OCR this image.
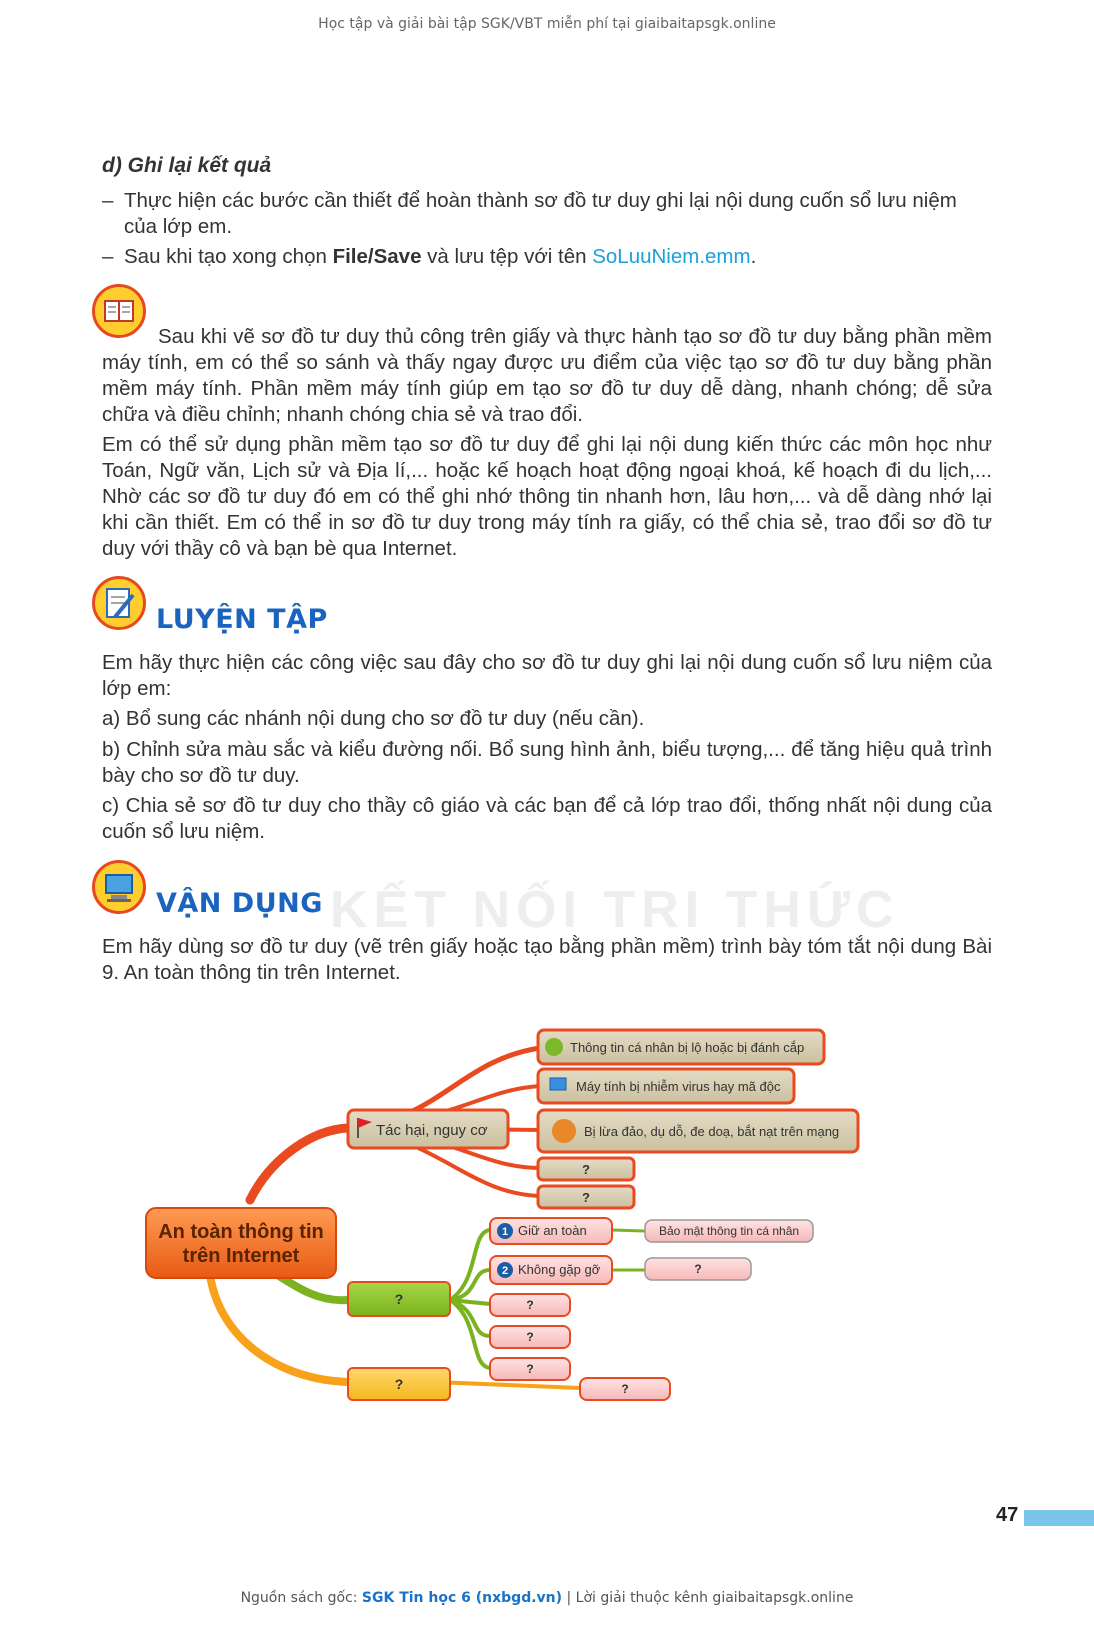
Học tập và giải bài tập SGK/VBT miễn phí tại giaibaitapsgk.online
KẾT NỐI TRI THỨC
d) Ghi lại kết quả
– Thực hiện các bước cần thiết để hoàn thành sơ đồ tư duy ghi lại nội dung cuốn sổ lưu niệm của lớp em.
– Sau khi tạo xong chọn File/Save và lưu tệp với tên SoLuuNiem.emm.
Sau khi vẽ sơ đồ tư duy thủ công trên giấy và thực hành tạo sơ đồ tư duy bằng phần mềm máy tính, em có thể so sánh và thấy ngay được ưu điểm của việc tạo sơ đồ tư duy bằng phần mềm máy tính. Phần mềm máy tính giúp em tạo sơ đồ tư duy dễ dàng, nhanh chóng; dễ sửa chữa và điều chỉnh; nhanh chóng chia sẻ và trao đổi.
Em có thể sử dụng phần mềm tạo sơ đồ tư duy để ghi lại nội dung kiến thức các môn học như Toán, Ngữ văn, Lịch sử và Địa lí,... hoặc kế hoạch hoạt động ngoại khoá, kế hoạch đi du lịch,... Nhờ các sơ đồ tư duy đó em có thể ghi nhớ thông tin nhanh hơn, lâu hơn,... và dễ dàng nhớ lại khi cần thiết. Em có thể in sơ đồ tư duy trong máy tính ra giấy, có thể chia sẻ, trao đổi sơ đồ tư duy với thầy cô và bạn bè qua Internet.
LUYỆN TẬP
Em hãy thực hiện các công việc sau đây cho sơ đồ tư duy ghi lại nội dung cuốn sổ lưu niệm của lớp em:
a) Bổ sung các nhánh nội dung cho sơ đồ tư duy (nếu cần).
b) Chỉnh sửa màu sắc và kiểu đường nối. Bổ sung hình ảnh, biểu tượng,... để tăng hiệu quả trình bày cho sơ đồ tư duy.
c) Chia sẻ sơ đồ tư duy cho thầy cô giáo và các bạn để cả lớp trao đổi, thống nhất nội dung của cuốn sổ lưu niệm.
VẬN DỤNG
Em hãy dùng sơ đồ tư duy (vẽ trên giấy hoặc tạo bằng phần mềm) trình bày tóm tắt nội dung Bài 9. An toàn thông tin trên Internet.
An toàn thông tin
trên Internet
Tác hại, nguy cơ
Thông tin cá nhân bị lộ hoặc bị đánh cắp
Máy tính bị nhiễm virus hay mã độc
Bị lừa đảo, dụ dỗ, đe doạ, bắt nạt trên mạng
?
?
?
1 Giữ an toàn	Bảo mật thông tin cá nhân
2 Không gặp gỡ	?
?
?
?
?	?
47
Nguồn sách gốc: SGK Tin học 6 (nxbgd.vn) | Lời giải thuộc kênh giaibaitapsgk.online
